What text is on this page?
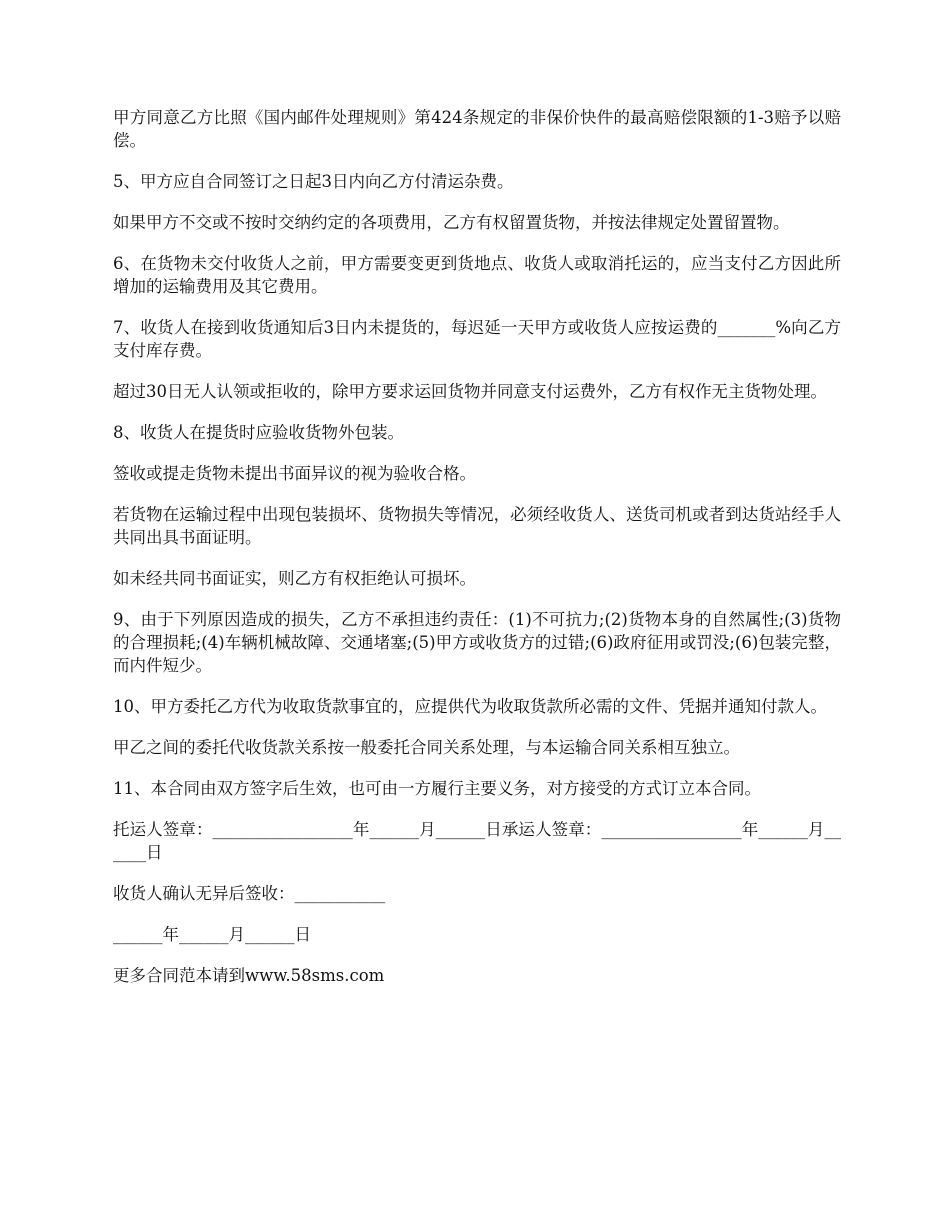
甲方同意乙方比照《国内邮件处理规则》第424条规定的非保价快件的最高赔偿限额的1-3赔予以赔偿。

5、甲方应自合同签订之日起3日内向乙方付清运杂费。

如果甲方不交或不按时交纳约定的各项费用，乙方有权留置货物，并按法律规定处置留置物。

6、在货物未交付收货人之前，甲方需要变更到货地点、收货人或取消托运的，应当支付乙方因此所增加的运输费用及其它费用。

7、收货人在接到收货通知后3日内未提货的，每迟延一天甲方或收货人应按运费的_______%向乙方支付库存费。

超过30日无人认领或拒收的，除甲方要求运回货物并同意支付运费外，乙方有权作无主货物处理。

8、收货人在提货时应验收货物外包装。

签收或提走货物未提出书面异议的视为验收合格。

若货物在运输过程中出现包装损坏、货物损失等情况，必须经收货人、送货司机或者到达货站经手人共同出具书面证明。

如未经共同书面证实，则乙方有权拒绝认可损坏。

9、由于下列原因造成的损失，乙方不承担违约责任：(1)不可抗力;(2)货物本身的自然属性;(3)货物的合理损耗;(4)车辆机械故障、交通堵塞;(5)甲方或收货方的过错;(6)政府征用或罚没;(6)包装完整，而内件短少。

10、甲方委托乙方代为收取货款事宜的，应提供代为收取货款所必需的文件、凭据并通知付款人。

甲乙之间的委托代收货款关系按一般委托合同关系处理，与本运输合同关系相互独立。

11、本合同由双方签字后生效，也可由一方履行主要义务，对方接受的方式订立本合同。

托运人签章：_________________年______月______日承运人签章：_________________年______月______日

收货人确认无异后签收：___________

______年______月______日

更多合同范本请到www.58sms.com
